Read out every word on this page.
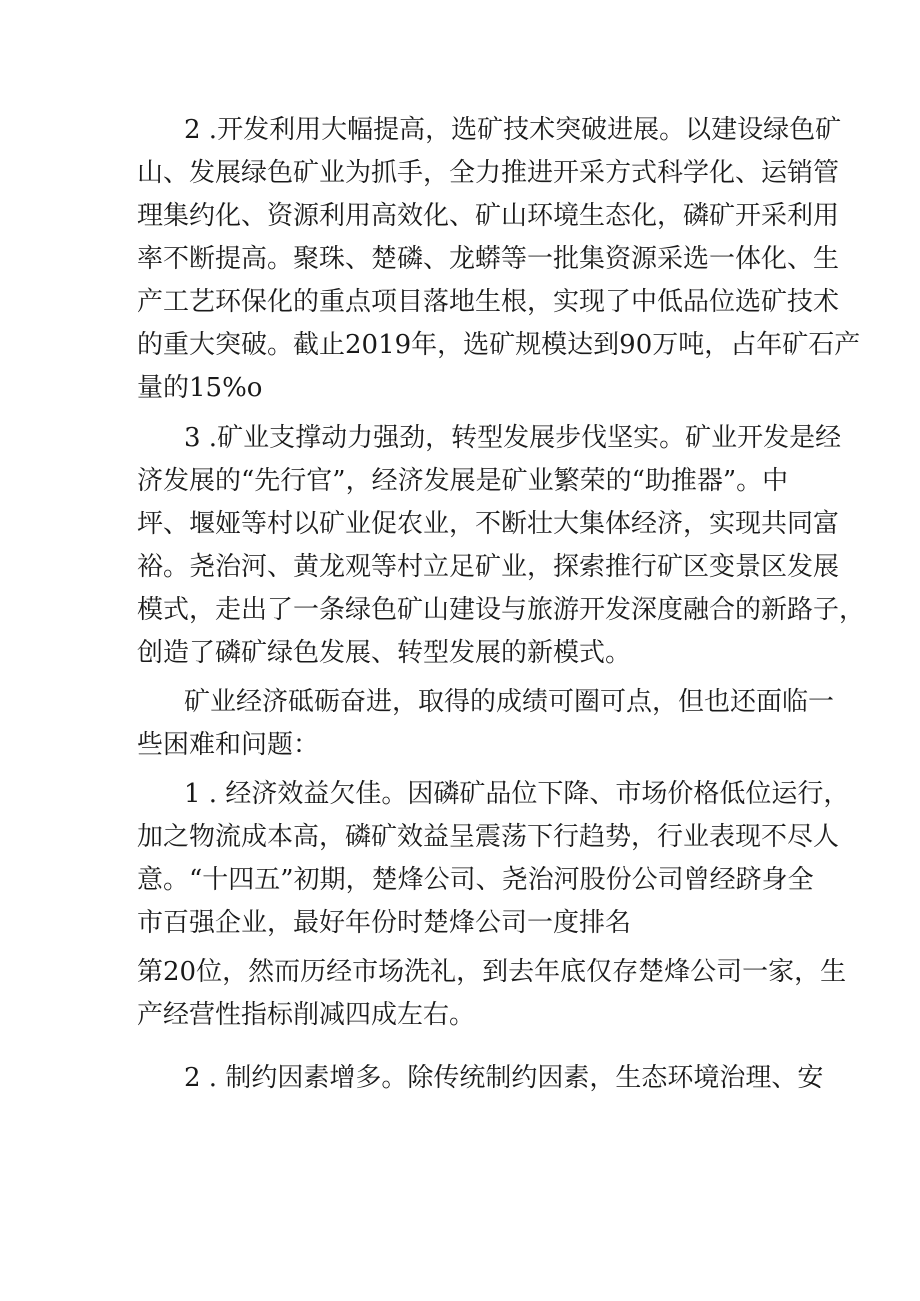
2 .开发利用大幅提高，选矿技术突破进展。以建设绿色矿

山、发展绿色矿业为抓手，全力推进开采方式科学化、运销管

理集约化、资源利用高效化、矿山环境生态化，磷矿开采利用

率不断提高。聚珠、楚磷、龙蟒等一批集资源采选一体化、生

产工艺环保化的重点项目落地生根，实现了中低品位选矿技术

的重大突破。截止2019年，选矿规模达到90万吨，占年矿石产

量的15%o

3 .矿业支撑动力强劲，转型发展步伐坚实。矿业开发是经

济发展的“先行官”，经济发展是矿业繁荣的“助推器”。中

坪、堰娅等村以矿业促农业，不断壮大集体经济，实现共同富

裕。尧治河、黄龙观等村立足矿业，探索推行矿区变景区发展

模式，走出了一条绿色矿山建设与旅游开发深度融合的新路子，

创造了磷矿绿色发展、转型发展的新模式。

矿业经济砥砺奋进，取得的成绩可圈可点，但也还面临一

些困难和问题：

1 . 经济效益欠佳。因磷矿品位下降、市场价格低位运行，

加之物流成本高，磷矿效益呈震荡下行趋势，行业表现不尽人

意。“十四五”初期，楚烽公司、尧治河股份公司曾经跻身全

市百强企业，最好年份时楚烽公司一度排名

第20位，然而历经市场洗礼，到去年底仅存楚烽公司一家，生

产经营性指标削减四成左右。

2 . 制约因素增多。除传统制约因素，生态环境治理、安
